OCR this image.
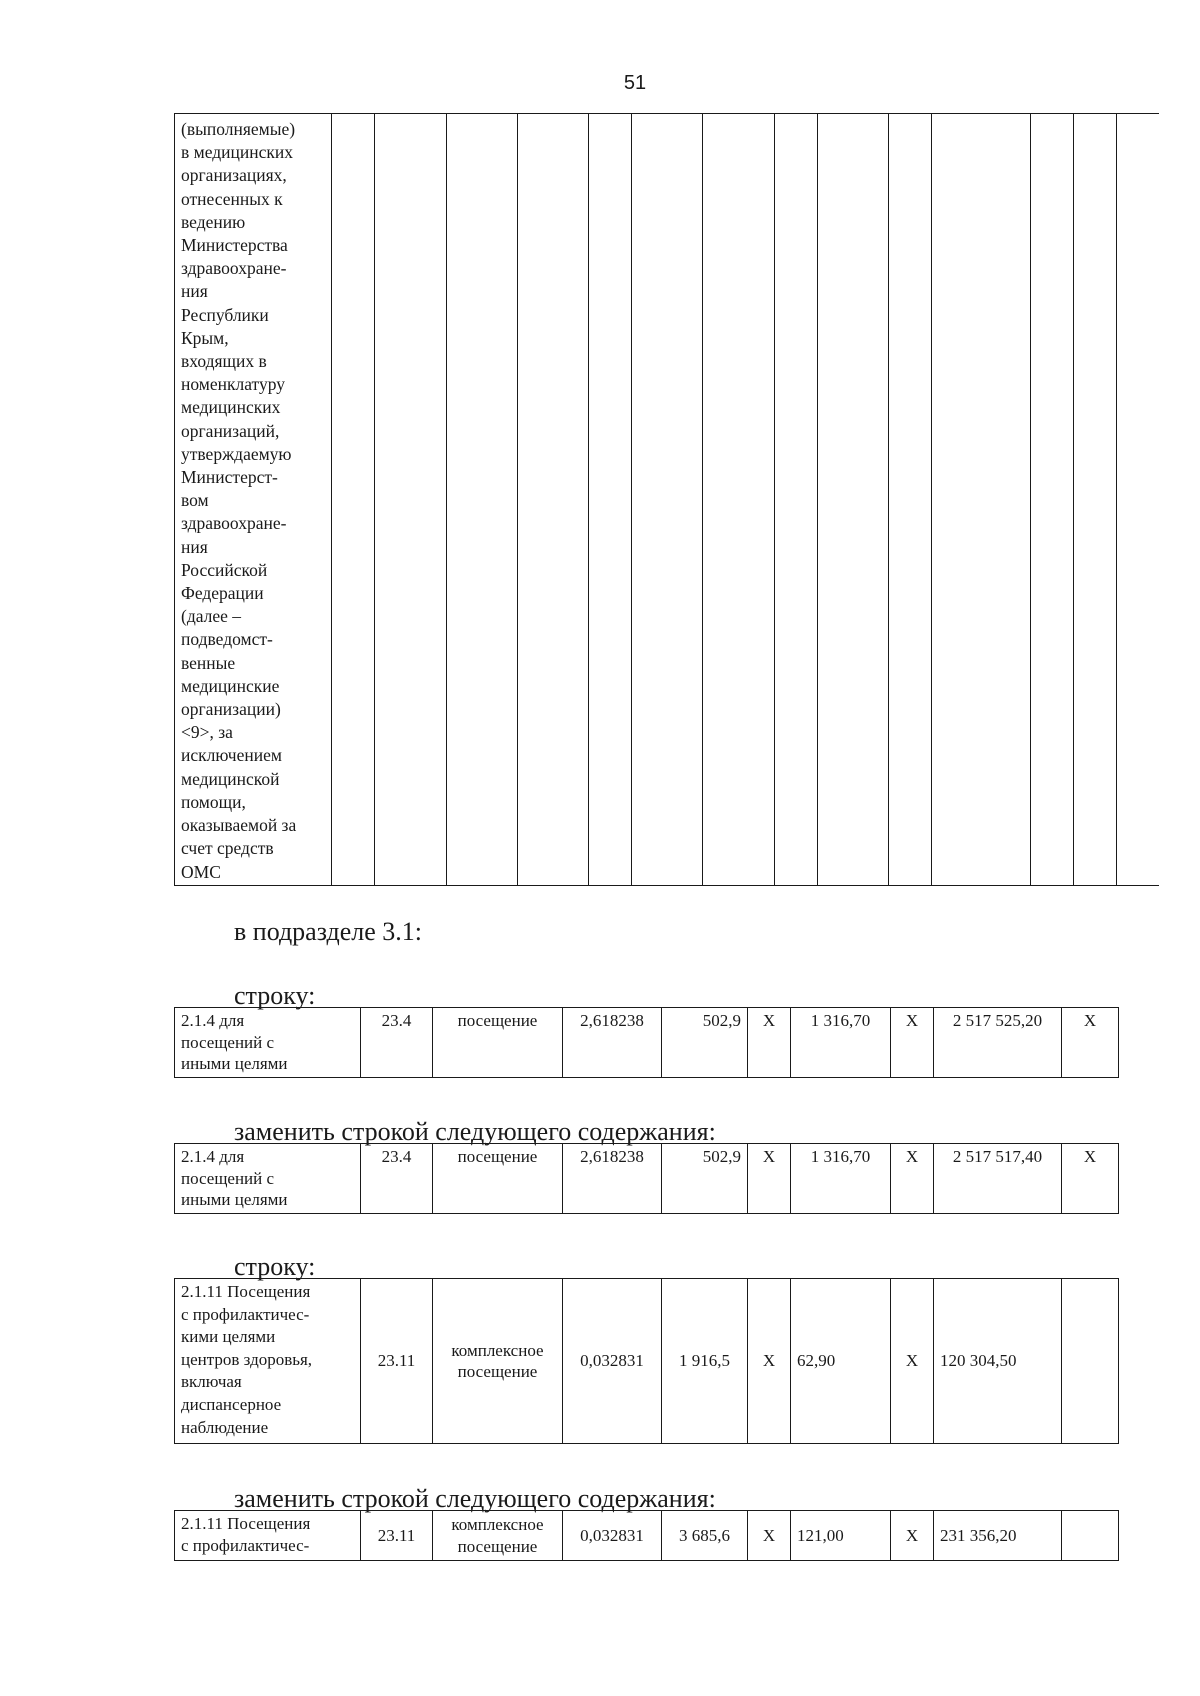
51
(выполняемые)
в медицинских
организациях,
отнесенных к
ведению
Министерства
здравоохране-
ния
Республики
Крым,
входящих в
номенклатуру
медицинских
организаций,
утверждаемую
Министерст-
вом
здравоохране-
ния
Российской
Федерации
(далее –
подведомст-
венные
медицинские
организации)
<9>, за
исключением
медицинской
помощи,
оказываемой за
счет средств
ОМС														
в подразделе 3.1:
строку:
2.1.4 для
посещений с
иными целями	23.4	посещение	2,618238	502,9	Х	1 316,70	Х	2 517 525,20	Х
заменить строкой следующего содержания:
2.1.4 для
посещений с
иными целями	23.4	посещение	2,618238	502,9	Х	1 316,70	Х	2 517 517,40	Х
строку:
2.1.11 Посещения
с профилактичес-
кими целями
центров здоровья,
включая
диспансерное
наблюдение	23.11	комплексное
посещение	0,032831	1 916,5	Х	62,90	Х	120 304,50	
заменить строкой следующего содержания:
2.1.11 Посещения
с профилактичес-	23.11	комплексное
посещение	0,032831	3 685,6	Х	121,00	Х	231 356,20	
